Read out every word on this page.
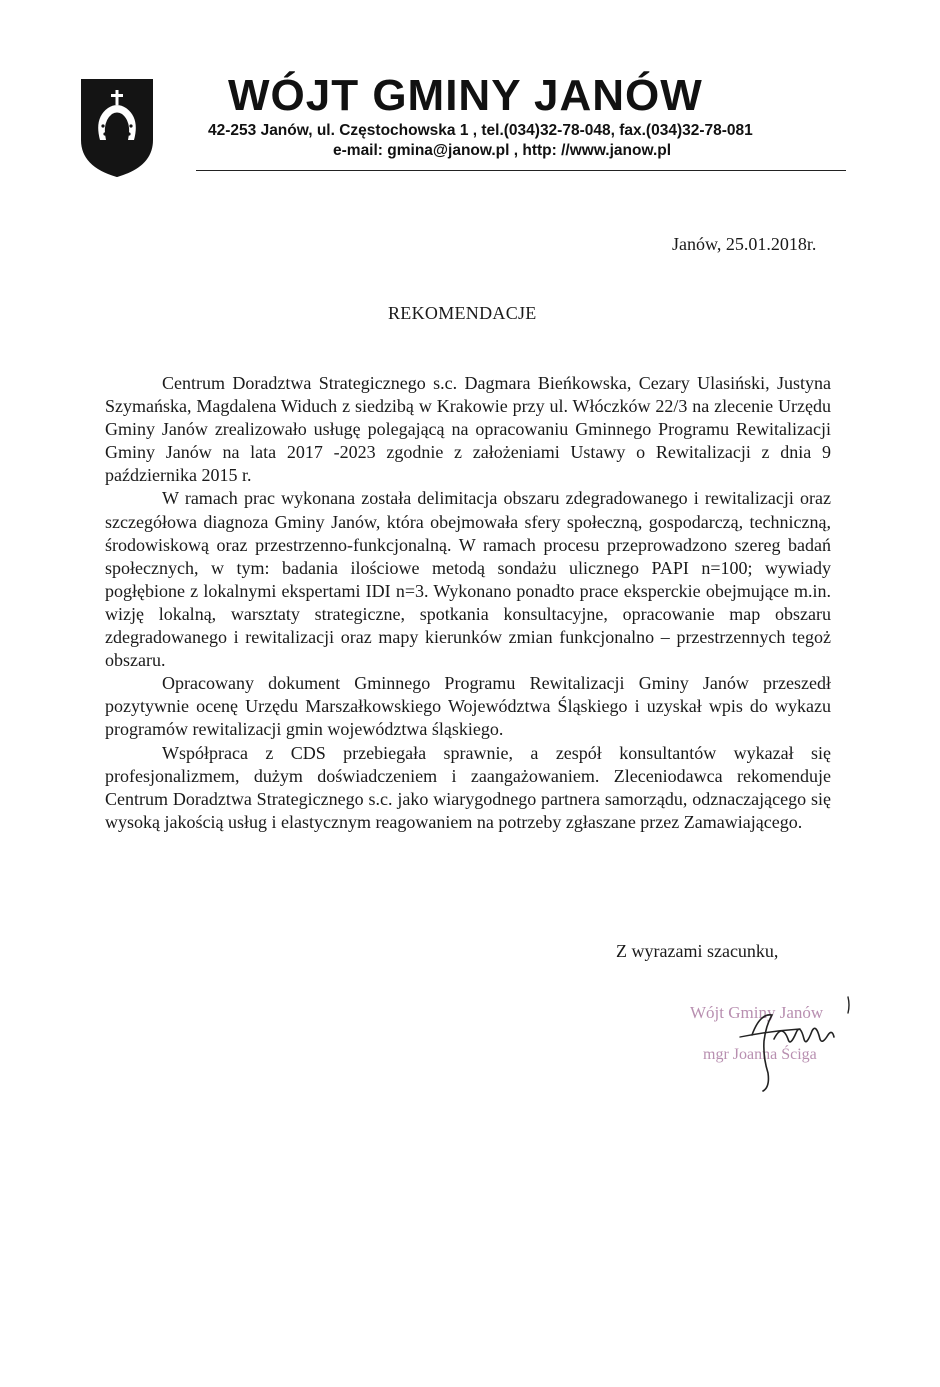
WÓJT GMINY JANÓW
42-253 Janów, ul. Częstochowska 1 , tel.(034)32-78-048, fax.(034)32-78-081
e-mail: gmina@janow.pl , http: //www.janow.pl
Janów, 25.01.2018r.
REKOMENDACJE

Centrum Doradztwa Strategicznego s.c. Dagmara Bieńkowska, Cezary Ulasiński, Justyna Szymańska, Magdalena Widuch z siedzibą w Krakowie przy ul. Włóczków 22/3 na zlecenie Urzędu Gminy Janów zrealizowało usługę polegającą na opracowaniu Gminnego Programu Rewitalizacji Gminy Janów na lata 2017 -2023 zgodnie z założeniami Ustawy o Rewitalizacji z dnia 9 października 2015 r.

W ramach prac wykonana została delimitacja obszaru zdegradowanego i rewitalizacji oraz szczegółowa diagnoza Gminy Janów, która obejmowała sfery społeczną, gospodarczą, techniczną, środowiskową oraz przestrzenno-funkcjonalną. W ramach procesu przeprowadzono szereg badań społecznych, w tym: badania ilościowe metodą sondażu ulicznego PAPI n=100; wywiady pogłębione z lokalnymi ekspertami IDI n=3. Wykonano ponadto prace eksperckie obejmujące m.in. wizję lokalną, warsztaty strategiczne, spotkania konsultacyjne, opracowanie map obszaru zdegradowanego i rewitalizacji oraz mapy kierunków zmian funkcjonalno – przestrzennych tegoż obszaru.

Opracowany dokument Gminnego Programu Rewitalizacji Gminy Janów przeszedł pozytywnie ocenę Urzędu Marszałkowskiego Województwa Śląskiego i uzyskał wpis do wykazu programów rewitalizacji gmin województwa śląskiego.

Współpraca z CDS przebiegała sprawnie, a zespół konsultantów wykazał się profesjonalizmem, dużym doświadczeniem i zaangażowaniem. Zleceniodawca rekomenduje Centrum Doradztwa Strategicznego s.c. jako wiarygodnego partnera samorządu, odznaczającego się wysoką jakością usług i elastycznym reagowaniem na potrzeby zgłaszane przez Zamawiającego.

Z wyrazami szacunku,
Wójt Gminy Janów
mgr Joanna Ściga
